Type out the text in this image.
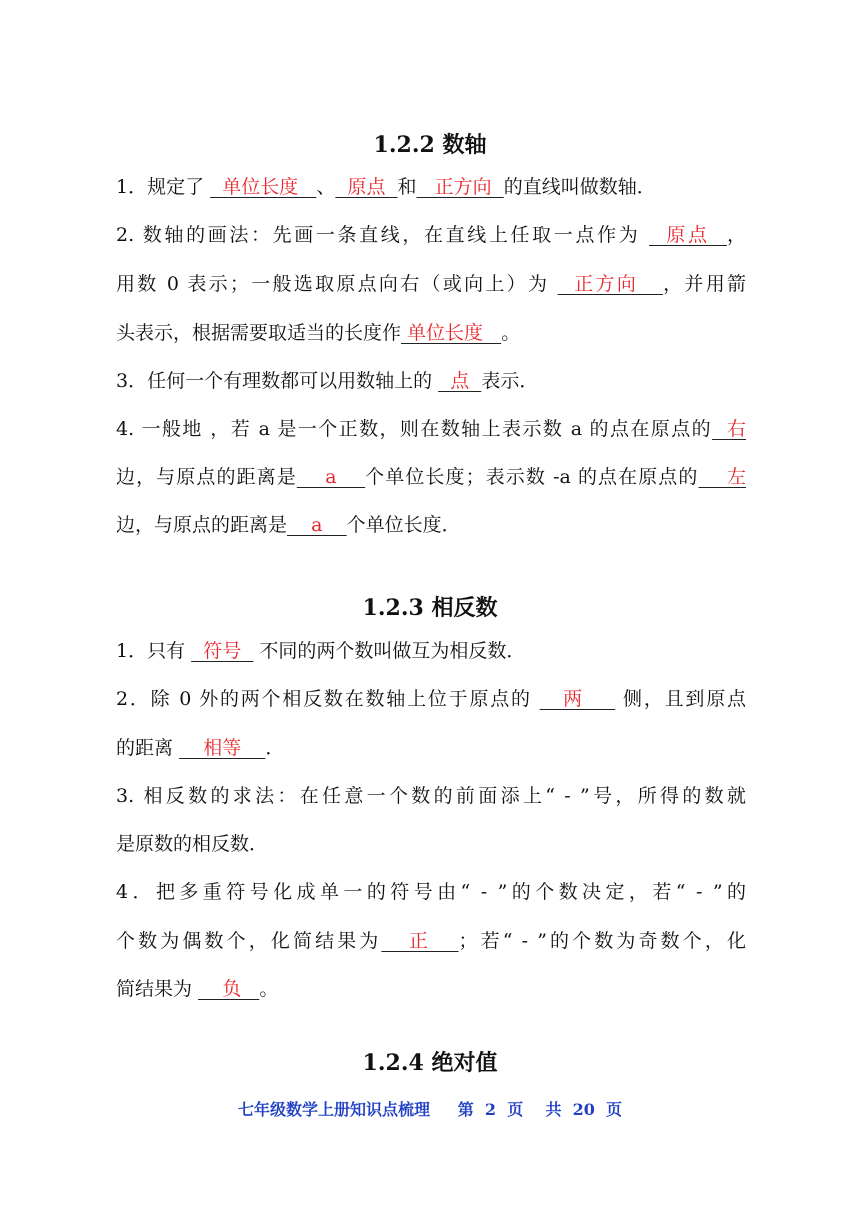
1.2.2 数轴
1．规定了   单位长度   、  原点  和   正方向  的直线叫做数轴．
2. 数轴的画法：先画一条直线，在直线上任取一点作为   原点  ，
用数 0 表示；一般选取原点向右（或向上）为   正方向   ，并用箭
头表示，根据需要取适当的长度作 单位长度   。
3．任何一个有理数都可以用数轴上的   点  表示．
4. 一般地 ，若 a 是一个正数，则在数轴上表示数 a 的点在原点的  右
边，与原点的距离是    a    个单位长度；表示数 -a 的点在原点的    左
边，与原点的距离是    a    个单位长度．
1.2.3 相反数
1．只有   符号   不同的两个数叫做互为相反数．
2．除 0 外的两个相反数在数轴上位于原点的    两     侧，且到原点
的距离     相等    ．
3. 相反数的求法：在任意一个数的前面添上“ - ”号，所得的数就
是原数的相反数．
4．把多重符号化成单一的符号由“ - ”的个数决定，若“ - ”的
个数为偶数个，化简结果为   正   ；若“ - ”的个数为奇数个，化
简结果为     负   。
1.2.4 绝对值
七年级数学上册知识点梳理     第  2  页    共  20  页
